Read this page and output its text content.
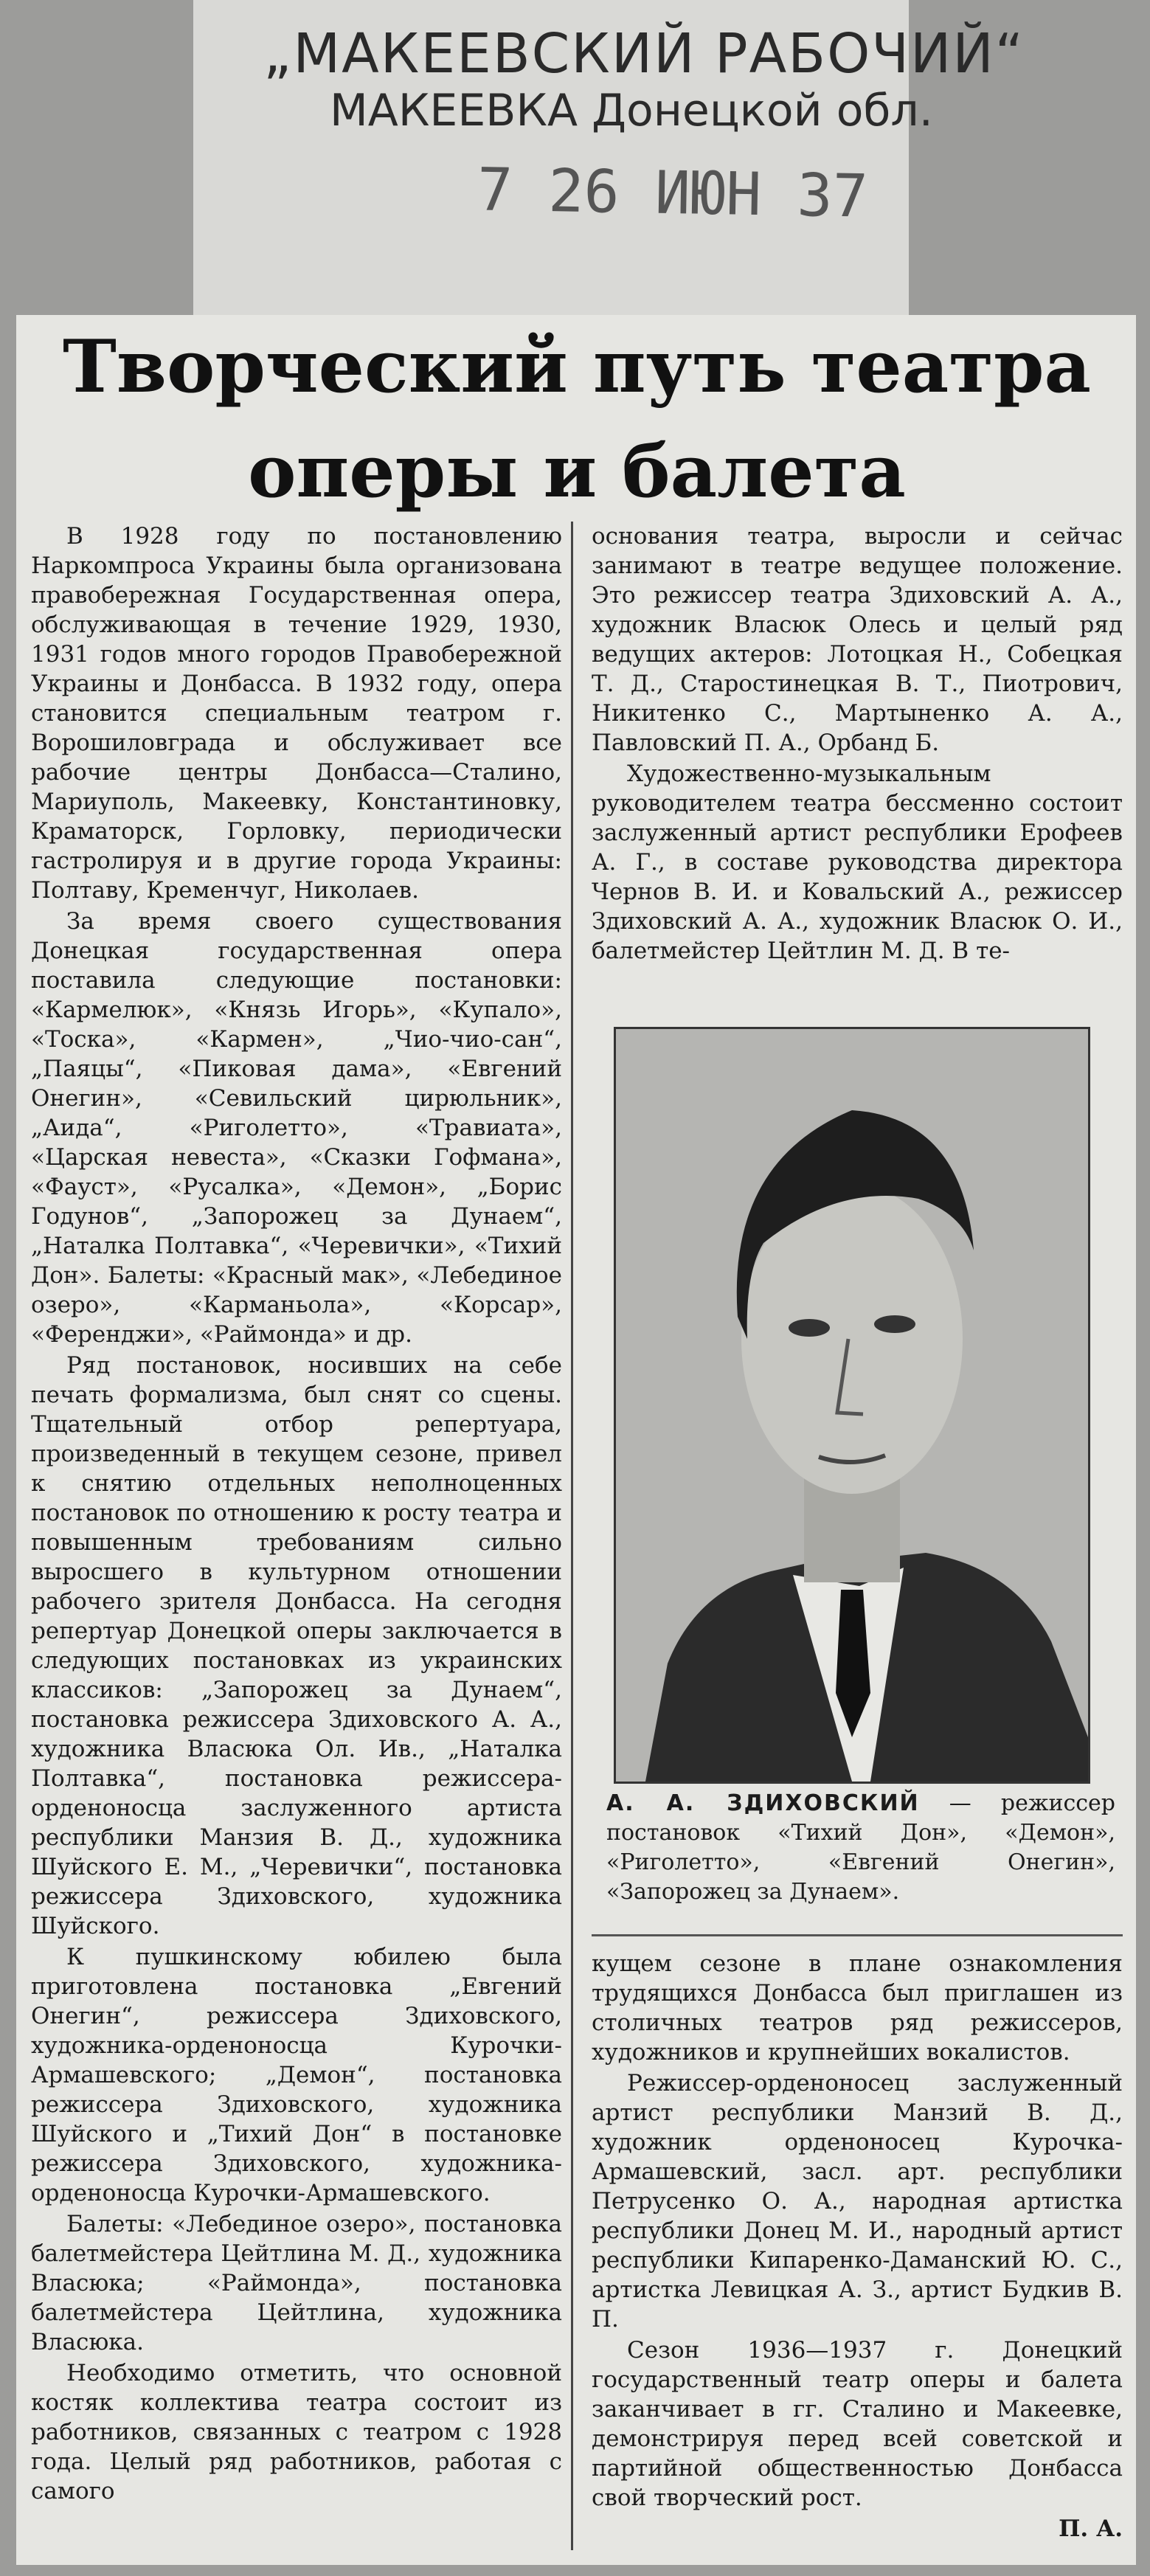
„МАКЕЕВСКИЙ РАБОЧИЙ“
МАКЕЕВКА Донецкой обл.
7 26 ИЮН 37
Творческий путь театра
оперы и балета

В 1928 году по постановлению Наркомпроса Украины была организована правобережная Государственная опера, обслуживающая в течение 1929, 1930, 1931 годов много городов Правобережной Украины и Донбасса. В 1932 году, опера становится специальным театром г. Ворошиловграда и обслуживает все рабочие центры Донбасса—Сталино, Мариуполь, Макеевку, Константиновку, Краматорск, Горловку, периодически гастролируя и в другие города Украины: Полтаву, Кременчуг, Николаев.

За время своего существования Донецкая государственная опера поставила следующие постановки: «Кармелюк», «Князь Игорь», «Купало», «Тоска», «Кармен», „Чио-чио-сан“, „Паяцы“, «Пиковая дама», «Евгений Онегин», «Севильский цирюльник», „Аида“, «Риголетто», «Травиата», «Царская невеста», «Сказки Гофмана», «Фауст», «Русалка», «Демон», „Борис Годунов“, „Запорожец за Дунаем“, „Наталка Полтавка“, «Черевички», «Тихий Дон». Балеты: «Красный мак», «Лебединое озеро», «Карманьола», «Корсар», «Ференджи», «Раймонда» и др.

Ряд постановок, носивших на себе печать формализма, был снят со сцены. Тщательный отбор репертуара, произведенный в текущем сезоне, привел к снятию отдельных неполноценных постановок по отношению к росту театра и повышенным требованиям сильно выросшего в культурном отношении рабочего зрителя Донбасса. На сегодня репертуар Донецкой оперы заключается в следующих постановках из украинских классиков: „Запорожец за Дунаем“, постановка режиссера Здиховского А. А., художника Власюка Ол. Ив., „Наталка Полтавка“, постановка режиссера-орденоносца заслуженного артиста республики Манзия В. Д., художника Шуйского Е. М., „Черевички“, постановка режиссера Здиховского, художника Шуйского.

К пушкинскому юбилею была приготовлена постановка „Евгений Онегин“, режиссера Здиховского, художника-орденоносца Курочки-Армашевского; „Демон“, постановка режиссера Здиховского, художника Шуйского и „Тихий Дон“ в постановке режиссера Здиховского, художника-орденоносца Курочки-Армашевского.

Балеты: «Лебединое озеро», постановка балетмейстера Цейтлина М. Д., художника Власюка; «Раймонда», постановка балетмейстера Цейтлина, художника Власюка.

Необходимо отметить, что основной костяк коллектива театра состоит из работников, связанных с театром с 1928 года. Целый ряд работников, работая с самого

основания театра, выросли и сейчас занимают в театре ведущее положение. Это режиссер театра Здиховский А. А., художник Власюк Олесь и целый ряд ведущих актеров: Лотоцкая Н., Собецкая Т. Д., Старостинецкая В. Т., Пиотрович, Никитенко С., Мартыненко А. А., Павловский П. А., Орбанд Б.

Художественно-музыкальным руководителем театра бессменно состоит заслуженный артист республики Ерофеев А. Г., в составе руководства директора Чернов В. И. и Ковальский А., режиссер Здиховский А. А., художник Власюк О. И., балетмейстер Цейтлин М. Д. В те-

А. А. ЗДИХОВСКИЙ — режиссер постановок «Тихий Дон», «Демон», «Риголетто», «Евгений Онегин», «Запорожец за Дунаем».

кущем сезоне в плане ознакомления трудящихся Донбасса был приглашен из столичных театров ряд режиссеров, художников и крупнейших вокалистов.

Режиссер-орденоносец заслуженный артист республики Манзий В. Д., художник орденоносец Курочка-Армашевский, засл. арт. республики Петрусенко О. А., народная артистка республики Донец М. И., народный артист республики Кипаренко-Даманский Ю. С., артистка Левицкая А. З., артист Будкив В. П.

Сезон 1936—1937 г. Донецкий государственный театр оперы и балета заканчивает в гг. Сталино и Макеевке, демонстрируя перед всей советской и партийной общественностью Донбасса свой творческий рост.

П. А.
